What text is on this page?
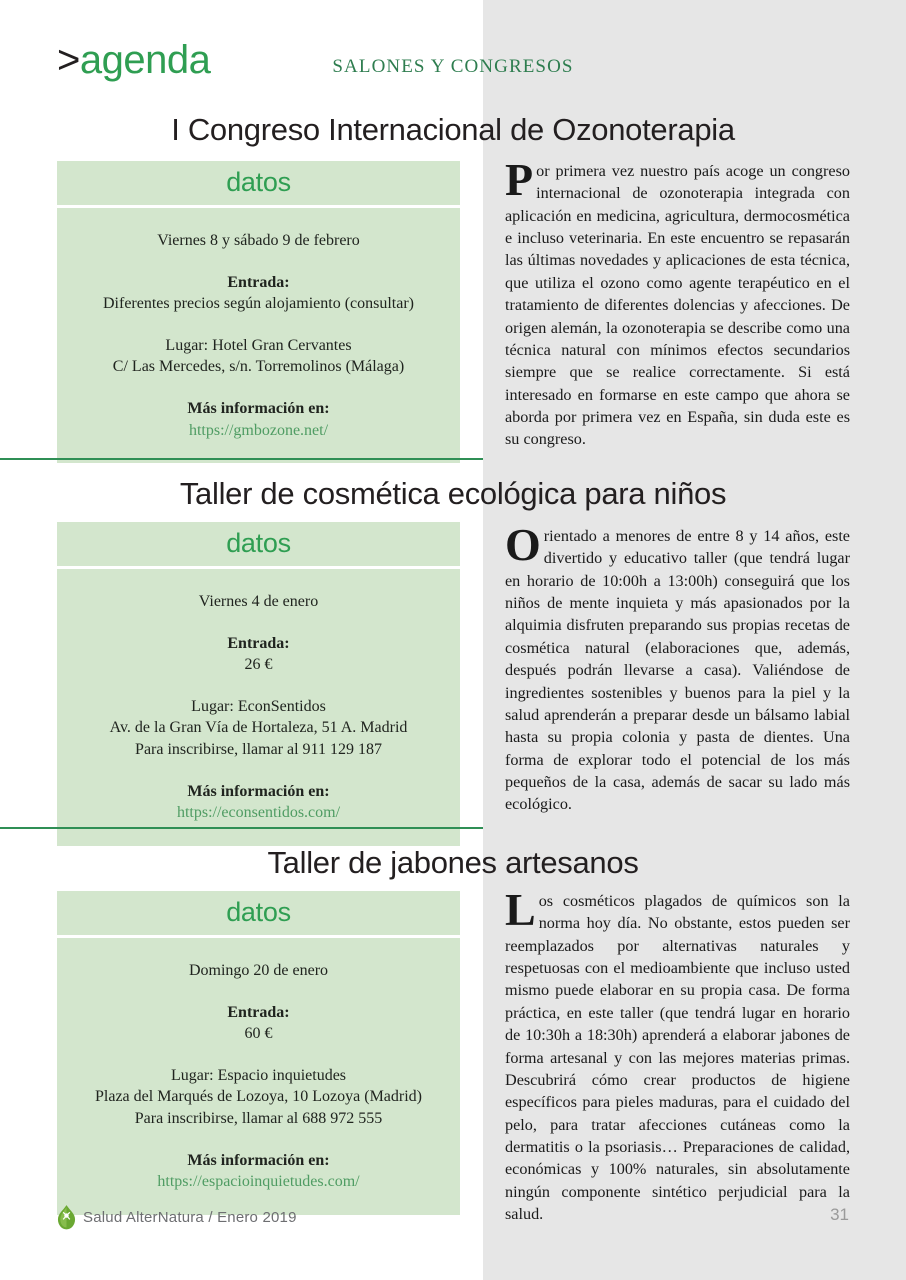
>agenda	SALONES Y CONGRESOS
I Congreso Internacional de Ozonoterapia
datos
Viernes 8 y sábado 9 de febrero
Entrada:
Diferentes precios según alojamiento (consultar)
Lugar: Hotel Gran Cervantes
C/ Las Mercedes, s/n. Torremolinos (Málaga)
Más información en:
https://gmbozone.net/
Por primera vez nuestro país acoge un congreso internacional de ozonoterapia integrada con aplicación en medicina, agricultura, dermocosmética e incluso veterinaria. En este encuentro se repasarán las últimas novedades y aplicaciones de esta técnica, que utiliza el ozono como agente terapéutico en el tratamiento de diferentes dolencias y afecciones. De origen alemán, la ozonoterapia se describe como una técnica natural con mínimos efectos secundarios siempre que se realice correctamente. Si está interesado en formarse en este campo que ahora se aborda por primera vez en España, sin duda este es su congreso.
Taller de cosmética ecológica para niños
datos
Viernes 4 de enero
Entrada:
26 €
Lugar: EconSentidos
Av. de la Gran Vía de Hortaleza, 51 A. Madrid
Para inscribirse, llamar al 911 129 187
Más información en:
https://econsentidos.com/
Orientado a menores de entre 8 y 14 años, este divertido y educativo taller (que tendrá lugar en horario de 10:00h a 13:00h) conseguirá que los niños de mente inquieta y más apasionados por la alquimia disfruten preparando sus propias recetas de cosmética natural (elaboraciones que, además, después podrán llevarse a casa). Valiéndose de ingredientes sostenibles y buenos para la piel y la salud aprenderán a preparar desde un bálsamo labial hasta su propia colonia y pasta de dientes. Una forma de explorar todo el potencial de los más pequeños de la casa, además de sacar su lado más ecológico.
Taller de jabones artesanos
datos
Domingo 20 de enero
Entrada:
60 €
Lugar: Espacio inquietudes
Plaza del Marqués de Lozoya, 10 Lozoya (Madrid)
Para inscribirse, llamar al 688 972 555
Más información en:
https://espacioinquietudes.com/
Los cosméticos plagados de químicos son la norma hoy día. No obstante, estos pueden ser reemplazados por alternativas naturales y respetuosas con el medioambiente que incluso usted mismo puede elaborar en su propia casa. De forma práctica, en este taller (que tendrá lugar en horario de 10:30h a 18:30h) aprenderá a elaborar jabones de forma artesanal y con las mejores materias primas. Descubrirá cómo crear productos de higiene específicos para pieles maduras, para el cuidado del pelo, para tratar afecciones cutáneas como la dermatitis o la psoriasis… Preparaciones de calidad, económicas y 100% naturales, sin absolutamente ningún componente sintético perjudicial para la salud.
Salud AlterNatura / Enero 2019	31
